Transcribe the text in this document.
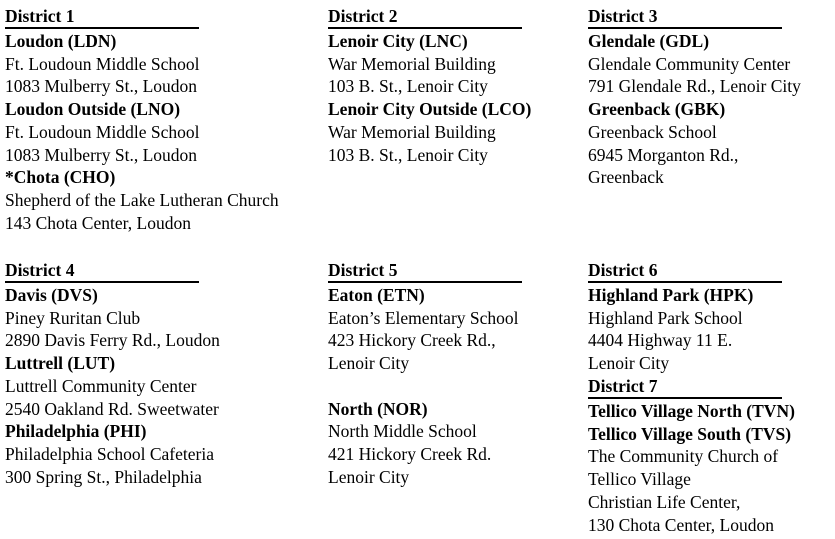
District 1
Loudon (LDN)
Ft. Loudoun Middle School
1083 Mulberry St., Loudon
Loudon Outside (LNO)
Ft. Loudoun Middle School
1083 Mulberry St., Loudon
*Chota (CHO)
Shepherd of the Lake Lutheran Church
143 Chota Center, Loudon
District 2
Lenoir City (LNC)
War Memorial Building
103 B. St., Lenoir City
Lenoir City Outside (LCO)
War Memorial Building
103 B. St., Lenoir City
District 3
Glendale (GDL)
Glendale Community Center
791 Glendale Rd., Lenoir City
Greenback (GBK)
Greenback School
6945 Morganton Rd.,
Greenback
District 4
Davis (DVS)
Piney Ruritan Club
2890 Davis Ferry Rd., Loudon
Luttrell (LUT)
Luttrell Community Center
2540 Oakland Rd. Sweetwater
Philadelphia (PHI)
Philadelphia School Cafeteria
300 Spring St., Philadelphia
District 5
Eaton (ETN)
Eaton’s Elementary School
423 Hickory Creek Rd.,
Lenoir City
North (NOR)
North Middle School
421 Hickory Creek Rd.
Lenoir City
District 6
Highland Park (HPK)
Highland Park School
4404 Highway 11 E.
Lenoir City
District 7
Tellico Village North (TVN)
Tellico Village South (TVS)
The Community Church of
Tellico Village
Christian Life Center,
130 Chota Center, Loudon
